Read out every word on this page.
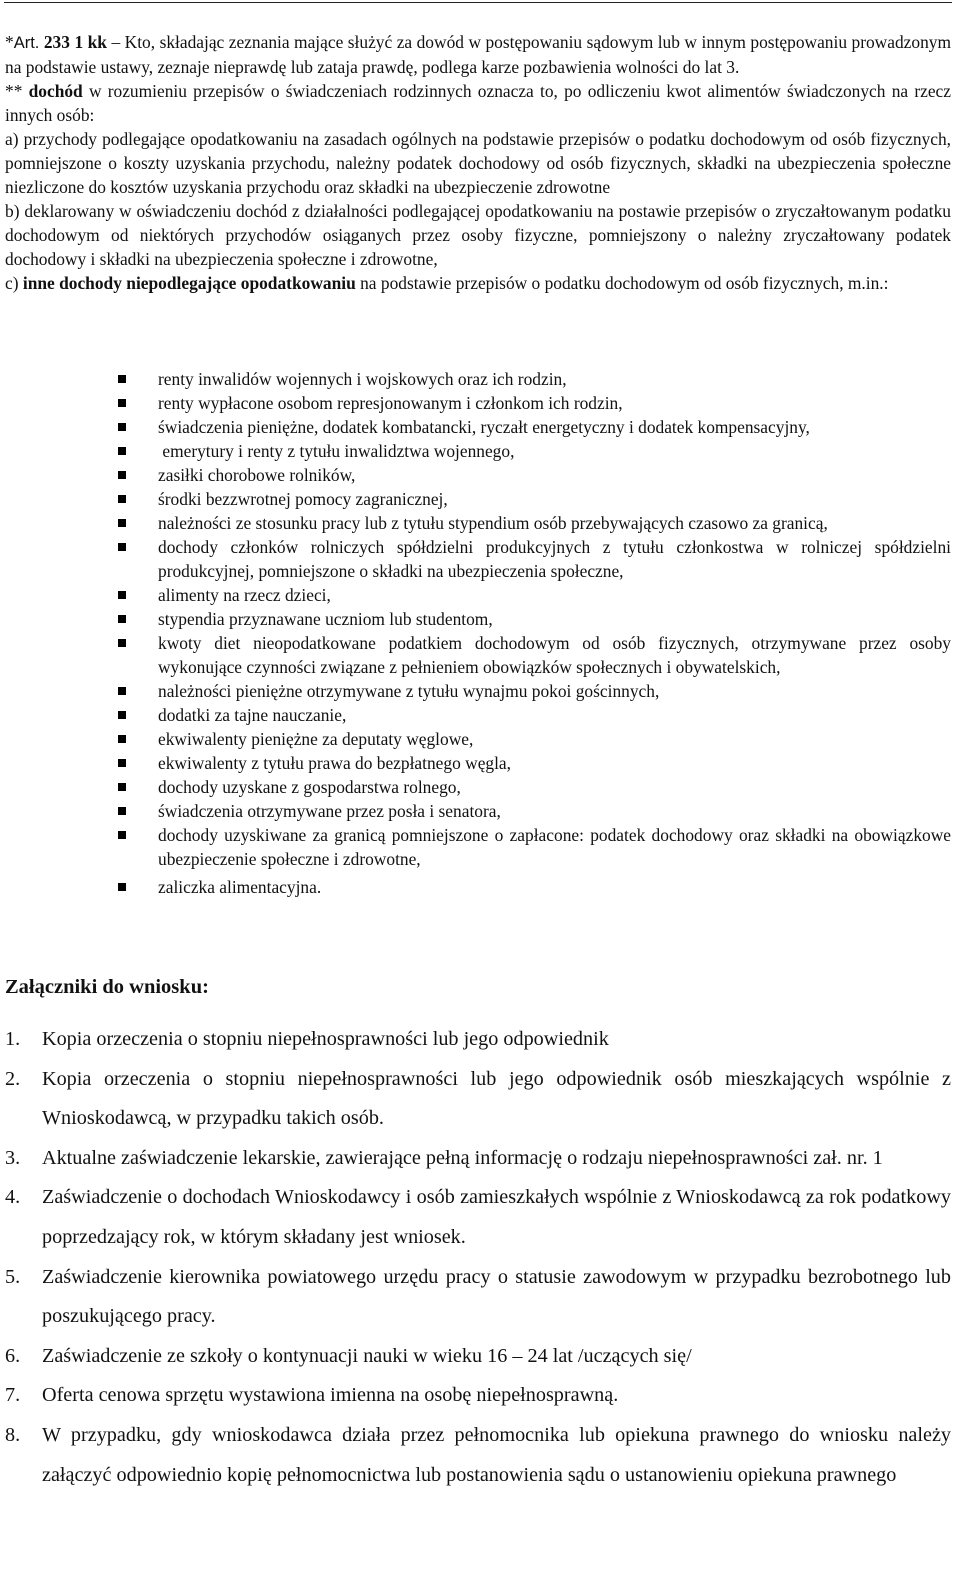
*Art. 233 1 kk – Kto, składając zeznania mające służyć za dowód w postępowaniu sądowym lub w innym postępowaniu prowadzonym na podstawie ustawy, zeznaje nieprawdę lub zataja prawdę, podlega karze pozbawienia wolności do lat 3.
** dochód w rozumieniu przepisów o świadczeniach rodzinnych oznacza to, po odliczeniu kwot alimentów świadczonych na rzecz innych osób:
a) przychody podlegające opodatkowaniu na zasadach ogólnych na podstawie przepisów o podatku dochodowym od osób fizycznych, pomniejszone o koszty uzyskania przychodu, należny podatek dochodowy od osób fizycznych, składki na ubezpieczenia społeczne niezliczone do kosztów uzyskania przychodu oraz składki na ubezpieczenie zdrowotne
b) deklarowany w oświadczeniu dochód z działalności podlegającej opodatkowaniu na postawie przepisów o zryczałtowanym podatku dochodowym od niektórych przychodów osiąganych przez osoby fizyczne, pomniejszony o należny zryczałtowany podatek dochodowy i składki na ubezpieczenia społeczne i zdrowotne,
c) inne dochody niepodlegające opodatkowaniu na podstawie przepisów o podatku dochodowym od osób fizycznych, m.in.:
renty inwalidów wojennych i wojskowych oraz ich rodzin,
renty wypłacone osobom represjonowanym i członkom ich rodzin,
świadczenia pieniężne, dodatek kombatancki, ryczałt energetyczny i dodatek kompensacyjny,
emerytury i renty z tytułu inwalidztwa wojennego,
zasiłki chorobowe rolników,
środki bezzwrotnej pomocy zagranicznej,
należności ze stosunku pracy lub z tytułu stypendium osób przebywających czasowo za granicą,
dochody członków rolniczych spółdzielni produkcyjnych z tytułu członkostwa w rolniczej spółdzielni produkcyjnej, pomniejszone o składki na ubezpieczenia społeczne,
alimenty na rzecz dzieci,
stypendia przyznawane uczniom lub studentom,
kwoty diet nieopodatkowane podatkiem dochodowym od osób fizycznych, otrzymywane przez osoby wykonujące czynności związane z pełnieniem obowiązków społecznych i obywatelskich,
należności pieniężne otrzymywane z tytułu wynajmu pokoi gościnnych,
dodatki za tajne nauczanie,
ekwiwalenty pieniężne za deputaty węglowe,
ekwiwalenty z tytułu prawa do bezpłatnego węgla,
dochody uzyskane z gospodarstwa rolnego,
świadczenia otrzymywane przez posła i senatora,
dochody uzyskiwane za granicą pomniejszone o zapłacone: podatek dochodowy oraz składki na obowiązkowe ubezpieczenie społeczne i zdrowotne,
zaliczka alimentacyjna.
Załączniki do wniosku:
1. Kopia orzeczenia o stopniu niepełnosprawności lub jego odpowiednik
2. Kopia orzeczenia o stopniu niepełnosprawności lub jego odpowiednik osób mieszkających wspólnie z Wnioskodawcą, w przypadku takich osób.
3. Aktualne zaświadczenie lekarskie, zawierające pełną informację o rodzaju niepełnosprawności zał. nr. 1
4. Zaświadczenie o dochodach Wnioskodawcy i osób zamieszkałych wspólnie z Wnioskodawcą za rok podatkowy poprzedzający rok, w którym składany jest wniosek.
5. Zaświadczenie kierownika powiatowego urzędu pracy o statusie zawodowym w przypadku bezrobotnego lub poszukującego pracy.
6. Zaświadczenie ze szkoły o kontynuacji nauki w wieku 16 – 24 lat /uczących się/
7. Oferta cenowa sprzętu wystawiona imienna na osobę niepełnosprawną.
8. W przypadku, gdy wnioskodawca działa przez pełnomocnika lub opiekuna prawnego do wniosku należy załączyć odpowiednio kopię pełnomocnictwa lub postanowienia sądu o ustanowieniu opiekuna prawnego
